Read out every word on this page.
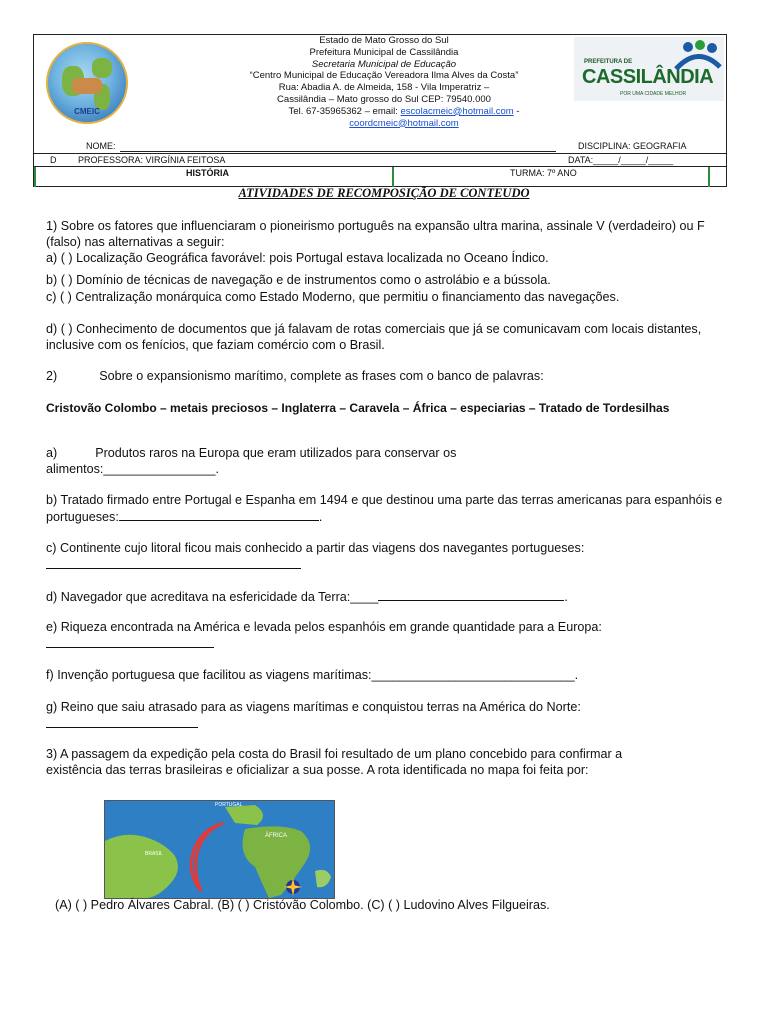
CMEIC
Estado de Mato Grosso do Sul
Prefeitura Municipal de Cassilândia
Secretaria Municipal de Educação
“Centro Municipal de Educação Vereadora Ilma Alves da Costa”
Rua: Abadia A. de Almeida, 158 - Vila Imperatriz –
Cassilândia – Mato grosso do Sul CEP: 79540.000
Tel. 67-35965362 – email: escolacmeic@hotmail.com -
coordcmeic@hotmail.com
PREFEITURA DE
CASSILÂNDIA
POR UMA CIDADE MELHOR
NOME:	DISCIPLINA: GEOGRAFIA
D PROFESSORA: VIRGÍNIA FEITOSA	DATA:_____/_____/_____
HISTÓRIA	TURMA: 7º ANO
ATIVIDADES DE RECOMPOSIÇÃO DE CONTEUDO
1) Sobre os fatores que influenciaram o pioneirismo português na expansão ultra marina, assinale V (verdadeiro) ou F (falso) nas alternativas a seguir:
a) ( ) Localização Geográfica favorável: pois Portugal estava localizada no Oceano Índico.
b) ( ) Domínio de técnicas de navegação e de instrumentos como o astrolábio e a bússola.
c) ( ) Centralização monárquica como Estado Moderno, que permitiu o financiamento das navegações.
d) ( ) Conhecimento de documentos que já falavam de rotas comerciais que já se comunicavam com locais distantes, inclusive com os fenícios, que faziam comércio com o Brasil.
2)	Sobre o expansionismo marítimo, complete as frases com o banco de palavras:
Cristovão Colombo – metais preciosos – Inglaterra – Caravela – África – especiarias – Tratado de Tordesilhas
a)	Produtos raros na Europa que eram utilizados para conservar os
alimentos:________________.
b) Tratado firmado entre Portugal e Espanha em 1494 e que destinou uma parte das terras americanas para espanhóis e portugueses:	.
c) Continente cujo litoral ficou mais conhecido a partir das viagens dos navegantes portugueses:
d) Navegador que acreditava na esfericidade da Terra:____	.
e) Riqueza encontrada na América e levada pelos espanhóis em grande quantidade para a Europa:
f) Invenção portuguesa que facilitou as viagens marítimas:_____________________________.
g) Reino que saiu atrasado para as viagens marítimas e conquistou terras na América do Norte:
3) A passagem da expedição pela costa do Brasil foi resultado de um plano concebido para confirmar a existência das terras brasileiras e oficializar a sua posse. A rota identificada no mapa foi feita por:
PORTUGAL
ÁFRICA
BRASIL
(A) ( ) Pedro Álvares Cabral. (B) ( ) Cristóvão Colombo. (C) ( ) Ludovino Alves Filgueiras.
